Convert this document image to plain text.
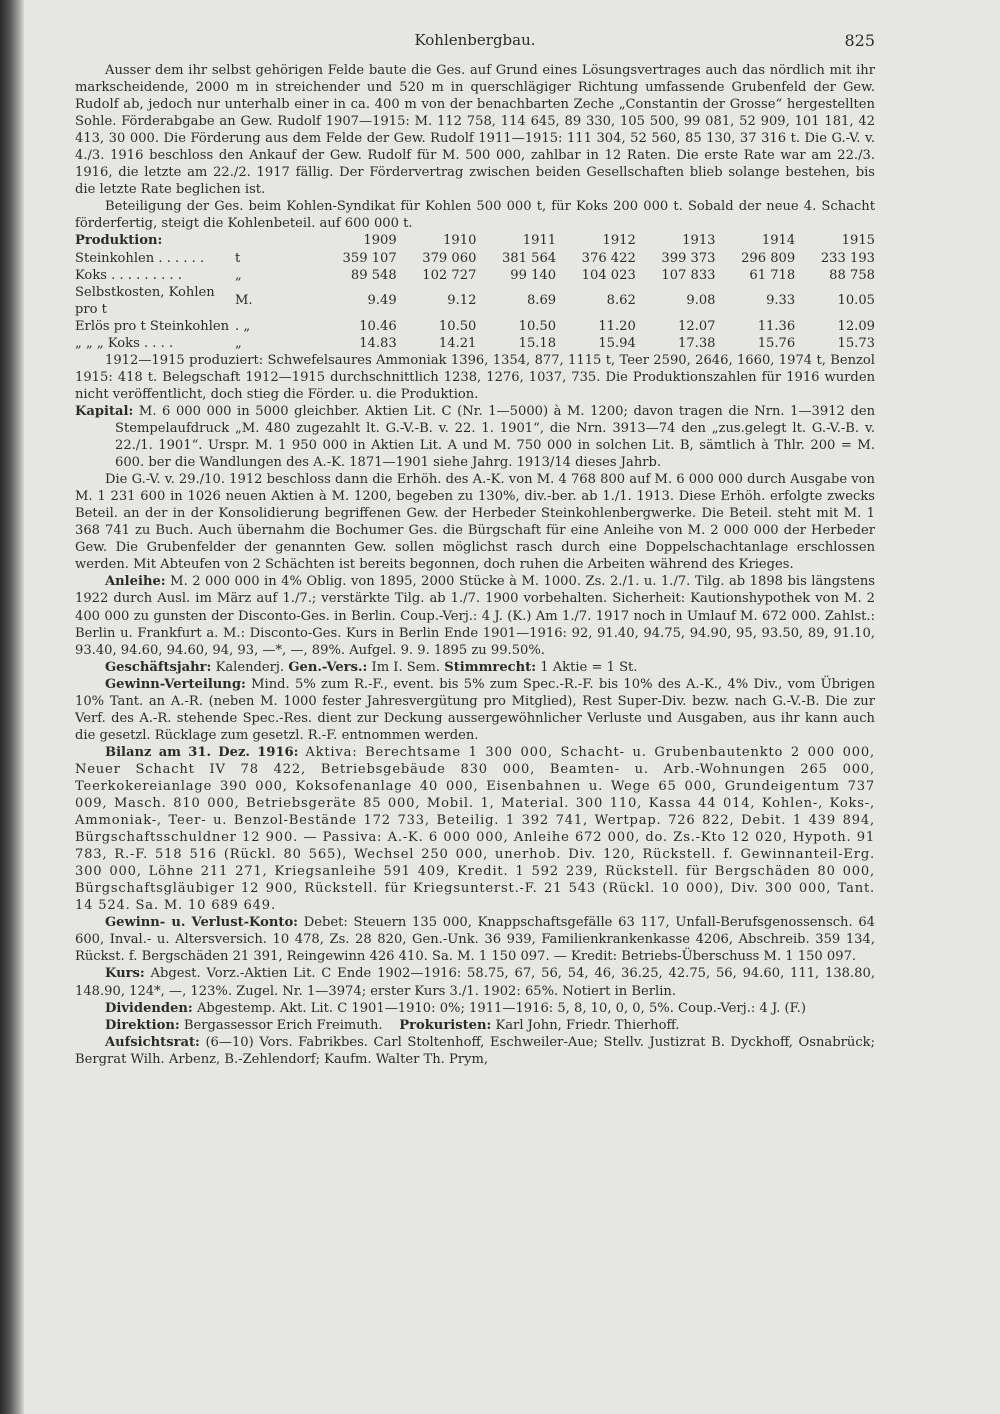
Kohlenbergbau.	825

Ausser dem ihr selbst gehörigen Felde baute die Ges. auf Grund eines Lösungsvertrages auch das nördlich mit ihr markscheidende, 2000 m in streichender und 520 m in querschlägiger Richtung umfassende Grubenfeld der Gew. Rudolf ab, jedoch nur unterhalb einer in ca. 400 m von der benachbarten Zeche „Constantin der Grosse“ hergestellten Sohle. Förderabgabe an Gew. Rudolf 1907—1915: M. 112 758, 114 645, 89 330, 105 500, 99 081, 52 909, 101 181, 42 413, 30 000. Die Förderung aus dem Felde der Gew. Rudolf 1911—1915: 111 304, 52 560, 85 130, 37 316 t. Die G.-V. v. 4./3. 1916 beschloss den Ankauf der Gew. Rudolf für M. 500 000, zahlbar in 12 Raten. Die erste Rate war am 22./3. 1916, die letzte am 22./2. 1917 fällig. Der Fördervertrag zwischen beiden Gesellschaften blieb solange bestehen, bis die letzte Rate beglichen ist.

Beteiligung der Ges. beim Kohlen-Syndikat für Kohlen 500 000 t, für Koks 200 000 t. Sobald der neue 4. Schacht förderfertig, steigt die Kohlenbeteil. auf 600 000 t.

Produktion:		1909	1910	1911	1912	1913	1914	1915
Steinkohlen . . . . . .	t	359 107	379 060	381 564	376 422	399 373	296 809	233 193
Koks . . . . . . . . .	„	89 548	102 727	99 140	104 023	107 833	61 718	88 758
Selbstkosten, Kohlen pro t	M.	9.49	9.12	8.69	8.62	9.08	9.33	10.05
Erlös pro t Steinkohlen	. „	10.46	10.50	10.50	11.20	12.07	11.36	12.09
„ „ „ Koks . . . .	„	14.83	14.21	15.18	15.94	17.38	15.76	15.73

1912—1915 produziert: Schwefelsaures Ammoniak 1396, 1354, 877, 1115 t, Teer 2590, 2646, 1660, 1974 t, Benzol 1915: 418 t. Belegschaft 1912—1915 durchschnittlich 1238, 1276, 1037, 735. Die Produktionszahlen für 1916 wurden nicht veröffentlicht, doch stieg die Förder. u. die Produktion.

Kapital: M. 6 000 000 in 5000 gleichber. Aktien Lit. C (Nr. 1—5000) à M. 1200; davon tragen die Nrn. 1—3912 den Stempelaufdruck „M. 480 zugezahlt lt. G.-V.-B. v. 22. 1. 1901“, die Nrn. 3913—74 den „zus.gelegt lt. G.-V.-B. v. 22./1. 1901“. Urspr. M. 1 950 000 in Aktien Lit. A und M. 750 000 in solchen Lit. B, sämtlich à Thlr. 200 = M. 600. ber die Wandlungen des A.-K. 1871—1901 siehe Jahrg. 1913/14 dieses Jahrb.

Die G.-V. v. 29./10. 1912 beschloss dann die Erhöh. des A.-K. von M. 4 768 800 auf M. 6 000 000 durch Ausgabe von M. 1 231 600 in 1026 neuen Aktien à M. 1200, begeben zu 130%, div.-ber. ab 1./1. 1913. Diese Erhöh. erfolgte zwecks Beteil. an der in der Konsolidierung begriffenen Gew. der Herbeder Steinkohlenbergwerke. Die Beteil. steht mit M. 1 368 741 zu Buch. Auch übernahm die Bochumer Ges. die Bürgschaft für eine Anleihe von M. 2 000 000 der Herbeder Gew. Die Grubenfelder der genannten Gew. sollen möglichst rasch durch eine Doppelschachtanlage erschlossen werden. Mit Abteufen von 2 Schächten ist bereits begonnen, doch ruhen die Arbeiten während des Krieges.

Anleihe: M. 2 000 000 in 4% Oblig. von 1895, 2000 Stücke à M. 1000. Zs. 2./1. u. 1./7. Tilg. ab 1898 bis längstens 1922 durch Ausl. im März auf 1./7.; verstärkte Tilg. ab 1./7. 1900 vorbehalten. Sicherheit: Kautionshypothek von M. 2 400 000 zu gunsten der Disconto-Ges. in Berlin. Coup.-Verj.: 4 J. (K.) Am 1./7. 1917 noch in Umlauf M. 672 000. Zahlst.: Berlin u. Frankfurt a. M.: Disconto-Ges. Kurs in Berlin Ende 1901—1916: 92, 91.40, 94.75, 94.90, 95, 93.50, 89, 91.10, 93.40, 94.60, 94.60, 94, 93, —*, —, 89%. Aufgel. 9. 9. 1895 zu 99.50%.

Geschäftsjahr: Kalenderj. Gen.-Vers.: Im I. Sem. Stimmrecht: 1 Aktie = 1 St.

Gewinn-Verteilung: Mind. 5% zum R.-F., event. bis 5% zum Spec.-R.-F. bis 10% des A.-K., 4% Div., vom Übrigen 10% Tant. an A.-R. (neben M. 1000 fester Jahresvergütung pro Mitglied), Rest Super-Div. bezw. nach G.-V.-B. Die zur Verf. des A.-R. stehende Spec.-Res. dient zur Deckung aussergewöhnlicher Verluste und Ausgaben, aus ihr kann auch die gesetzl. Rücklage zum gesetzl. R.-F. entnommen werden.

Bilanz am 31. Dez. 1916: Aktiva: Berechtsame 1 300 000, Schacht- u. Grubenbautenkto 2 000 000, Neuer Schacht IV 78 422, Betriebsgebäude 830 000, Beamten- u. Arb.-Wohnungen 265 000, Teerkokereianlage 390 000, Koksofenanlage 40 000, Eisenbahnen u. Wege 65 000, Grundeigentum 737 009, Masch. 810 000, Betriebsgeräte 85 000, Mobil. 1, Material. 300 110, Kassa 44 014, Kohlen-, Koks-, Ammoniak-, Teer- u. Benzol-Bestände 172 733, Beteilig. 1 392 741, Wertpap. 726 822, Debit. 1 439 894, Bürgschaftsschuldner 12 900. — Passiva: A.-K. 6 000 000, Anleihe 672 000, do. Zs.-Kto 12 020, Hypoth. 91 783, R.-F. 518 516 (Rückl. 80 565), Wechsel 250 000, unerhob. Div. 120, Rückstell. f. Gewinnanteil-Erg. 300 000, Löhne 211 271, Kriegsanleihe 591 409, Kredit. 1 592 239, Rückstell. für Bergschäden 80 000, Bürgschaftsgläubiger 12 900, Rückstell. für Kriegsunterst.-F. 21 543 (Rückl. 10 000), Div. 300 000, Tant. 14 524. Sa. M. 10 689 649.

Gewinn- u. Verlust-Konto: Debet: Steuern 135 000, Knappschaftsgefälle 63 117, Unfall-Berufsgenossensch. 64 600, Inval.- u. Altersversich. 10 478, Zs. 28 820, Gen.-Unk. 36 939, Familienkrankenkasse 4206, Abschreib. 359 134, Rückst. f. Bergschäden 21 391, Reingewinn 426 410. Sa. M. 1 150 097. — Kredit: Betriebs-Überschuss M. 1 150 097.

Kurs: Abgest. Vorz.-Aktien Lit. C Ende 1902—1916: 58.75, 67, 56, 54, 46, 36.25, 42.75, 56, 94.60, 111, 138.80, 148.90, 124*, —, 123%. Zugel. Nr. 1—3974; erster Kurs 3./1. 1902: 65%. Notiert in Berlin.

Dividenden: Abgestemp. Akt. Lit. C 1901—1910: 0%; 1911—1916: 5, 8, 10, 0, 0, 5%. Coup.-Verj.: 4 J. (F.)

Direktion: Bergassessor Erich Freimuth. Prokuristen: Karl John, Friedr. Thierhoff.

Aufsichtsrat: (6—10) Vors. Fabrikbes. Carl Stoltenhoff, Eschweiler-Aue; Stellv. Justizrat B. Dyckhoff, Osnabrück; Bergrat Wilh. Arbenz, B.-Zehlendorf; Kaufm. Walter Th. Prym,
